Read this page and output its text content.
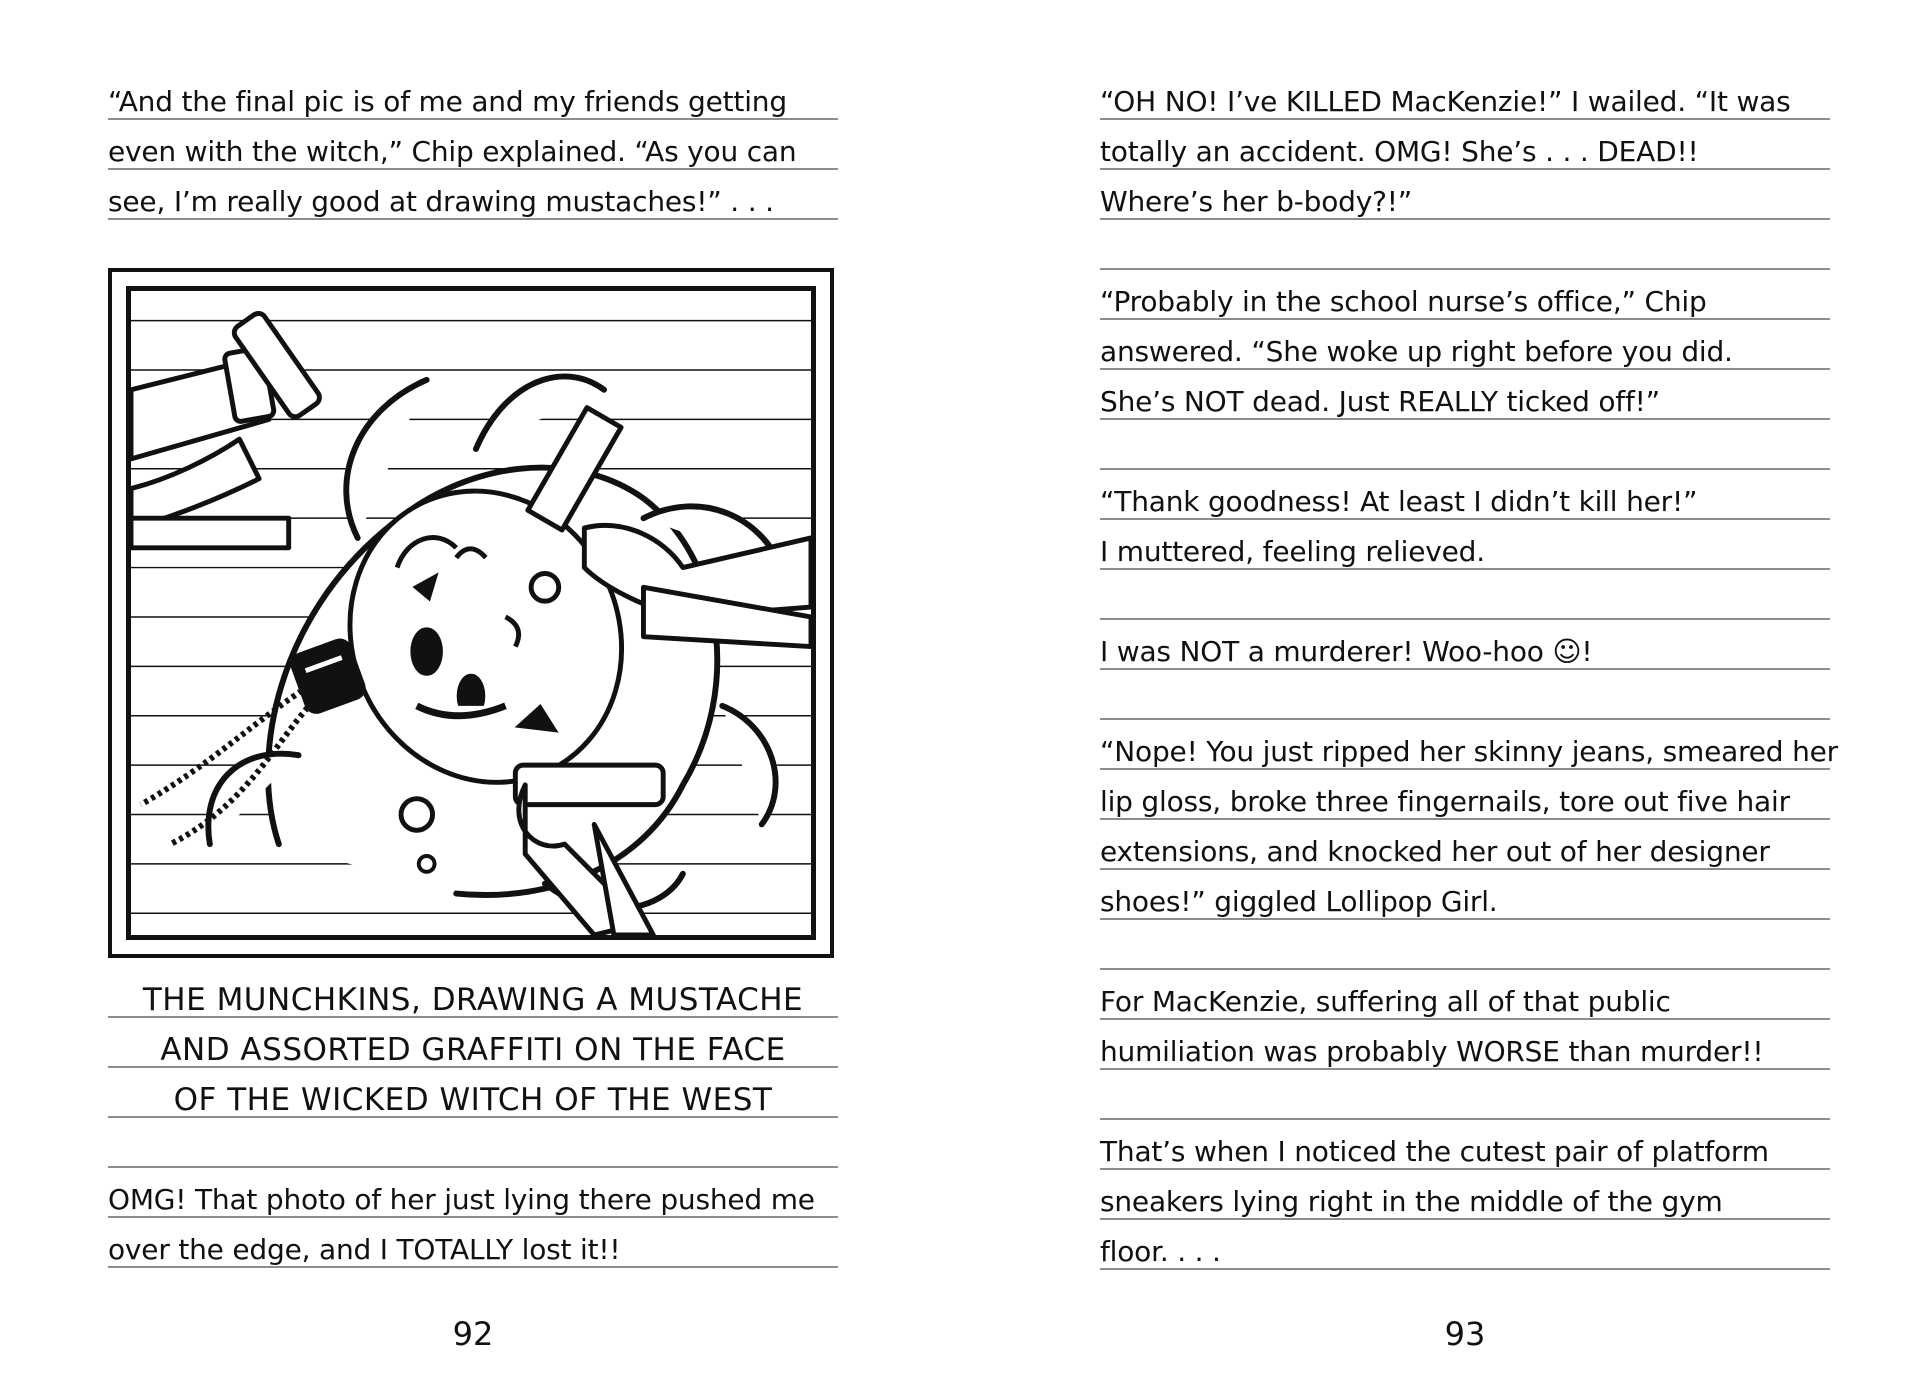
“And the final pic is of me and my friends getting
even with the witch,” Chip explained. “As you can
see, I’m really good at drawing mustaches!” . . .
THE MUNCHKINS, DRAWING A MUSTACHE
AND ASSORTED GRAFFITI ON THE FACE
OF THE WICKED WITCH OF THE WEST
OMG! That photo of her just lying there pushed me
over the edge, and I TOTALLY lost it!!
92
“OH NO! I’ve KILLED MacKenzie!” I wailed. “It was
totally an accident. OMG! She’s . . . DEAD!!
Where’s her b-body?!”
“Probably in the school nurse’s office,” Chip
answered. “She woke up right before you did.
She’s NOT dead. Just REALLY ticked off!”
“Thank goodness! At least I didn’t kill her!”
I muttered, feeling relieved.
I was NOT a murderer! Woo-hoo ☺!
“Nope! You just ripped her skinny jeans, smeared her
lip gloss, broke three fingernails, tore out five hair
extensions, and knocked her out of her designer
shoes!” giggled Lollipop Girl.
For MacKenzie, suffering all of that public
humiliation was probably WORSE than murder!!
That’s when I noticed the cutest pair of platform
sneakers lying right in the middle of the gym
floor. . . .
93
